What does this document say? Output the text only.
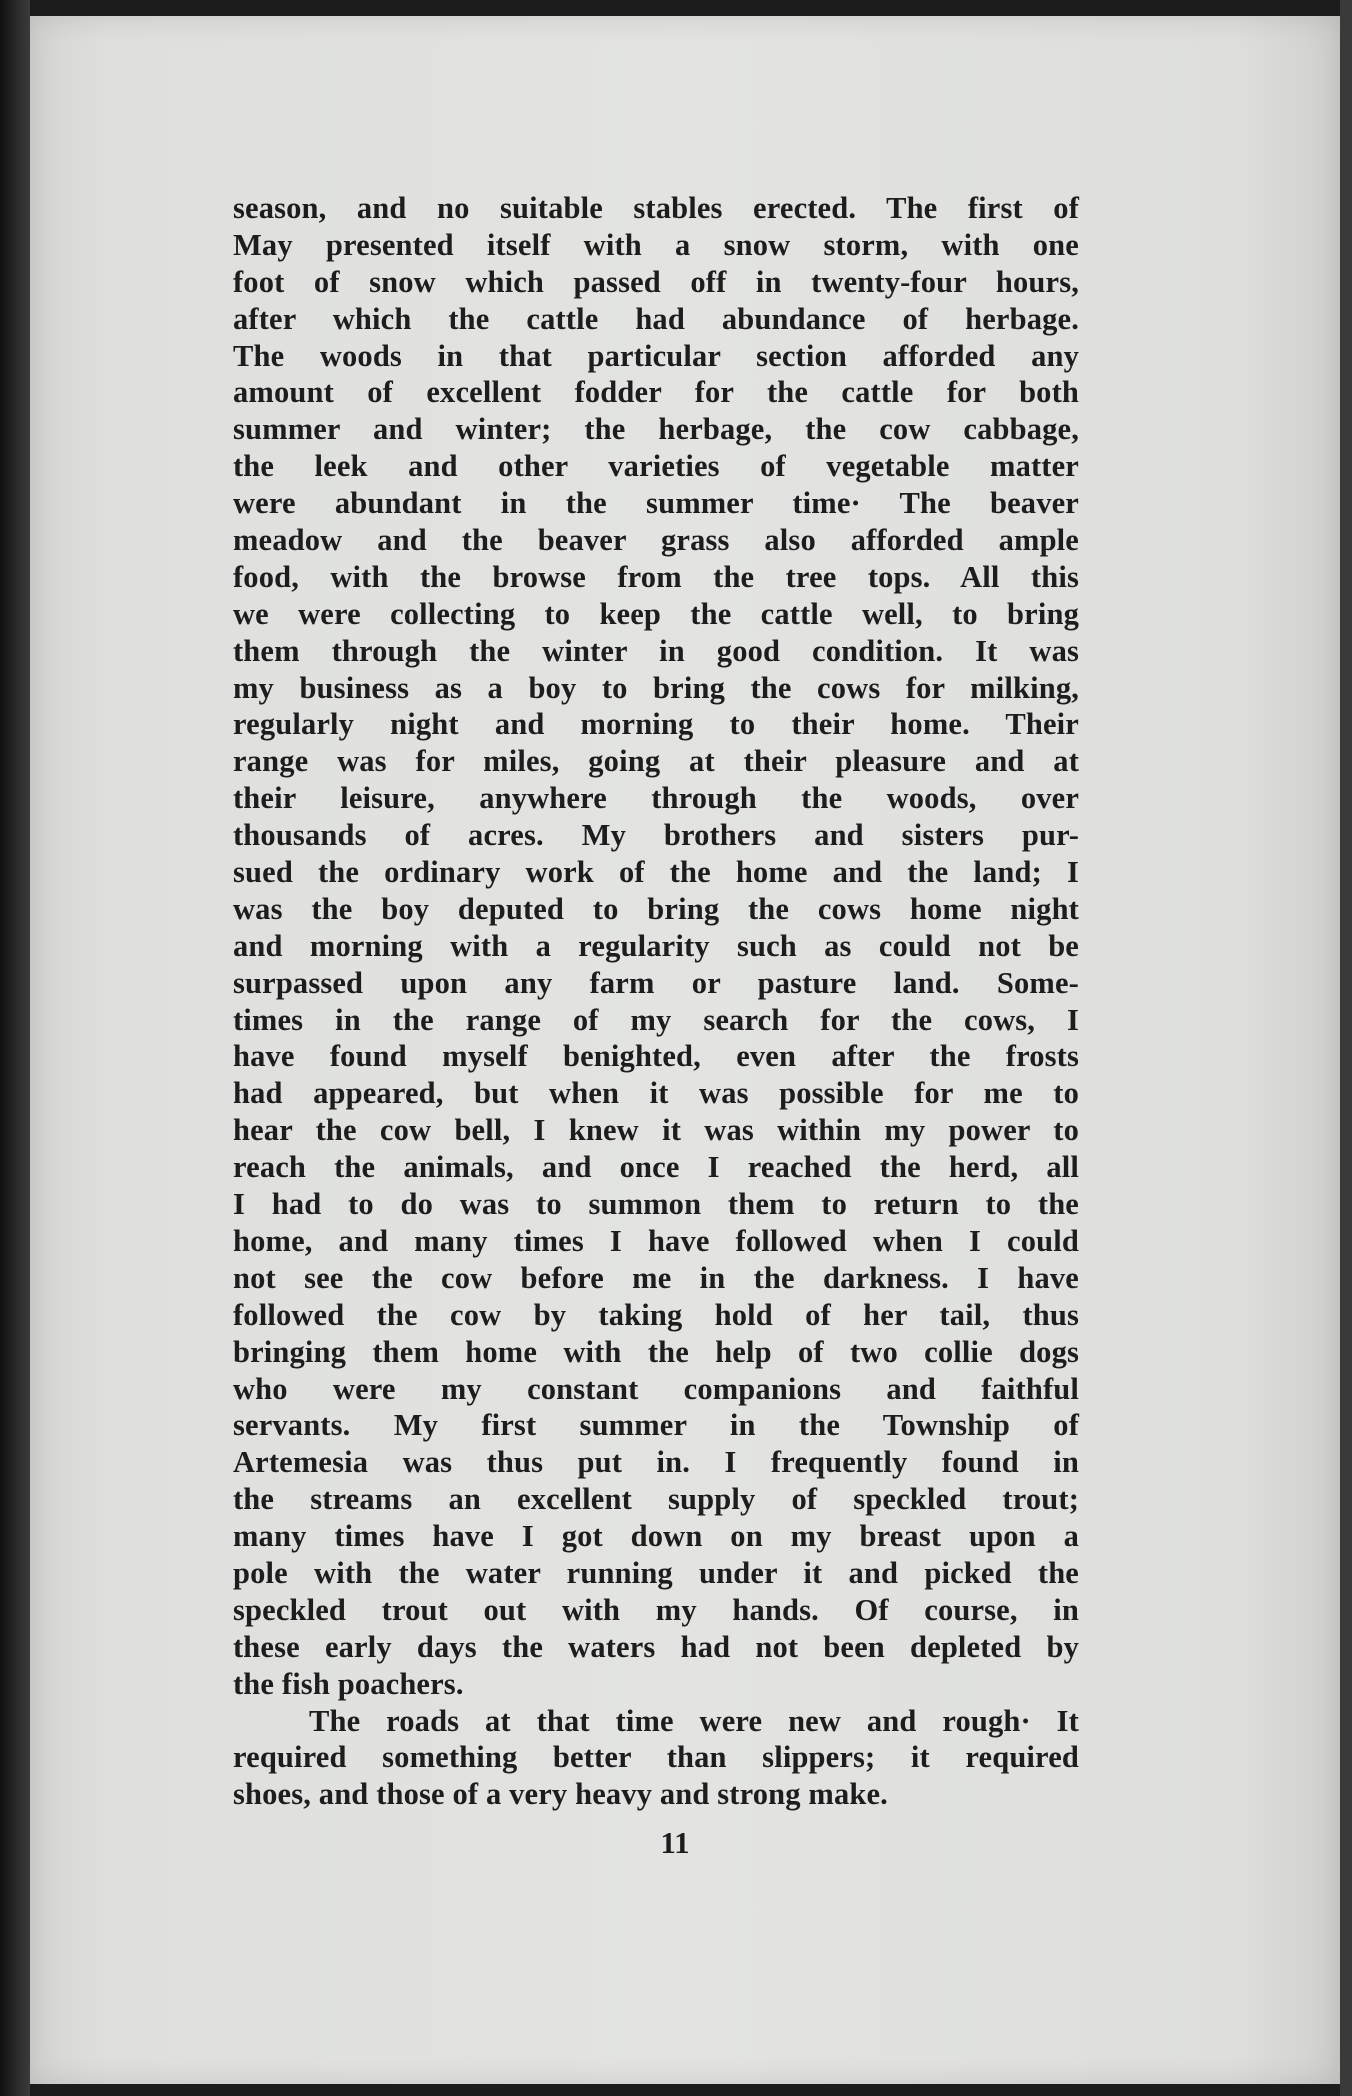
season, and no suitable stables erected. The first of
May presented itself with a snow storm, with one
foot of snow which passed off in twenty-four hours,
after which the cattle had abundance of herbage.
The woods in that particular section afforded any
amount of excellent fodder for the cattle for both
summer and winter; the herbage, the cow cabbage,
the leek and other varieties of vegetable matter
were abundant in the summer time· The beaver
meadow and the beaver grass also afforded ample
food, with the browse from the tree tops. All this
we were collecting to keep the cattle well, to bring
them through the winter in good condition. It was
my business as a boy to bring the cows for milking,
regularly night and morning to their home. Their
range was for miles, going at their pleasure and at
their leisure, anywhere through the woods, over
thousands of acres. My brothers and sisters pur-
sued the ordinary work of the home and the land; I
was the boy deputed to bring the cows home night
and morning with a regularity such as could not be
surpassed upon any farm or pasture land. Some-
times in the range of my search for the cows, I
have found myself benighted, even after the frosts
had appeared, but when it was possible for me to
hear the cow bell, I knew it was within my power to
reach the animals, and once I reached the herd, all
I had to do was to summon them to return to the
home, and many times I have followed when I could
not see the cow before me in the darkness. I have
followed the cow by taking hold of her tail, thus
bringing them home with the help of two collie dogs
who were my constant companions and faithful
servants. My first summer in the Township of
Artemesia was thus put in. I frequently found in
the streams an excellent supply of speckled trout;
many times have I got down on my breast upon a
pole with the water running under it and picked the
speckled trout out with my hands. Of course, in
these early days the waters had not been depleted by
the fish poachers.
The roads at that time were new and rough· It
required something better than slippers; it required
shoes, and those of a very heavy and strong make.
11
